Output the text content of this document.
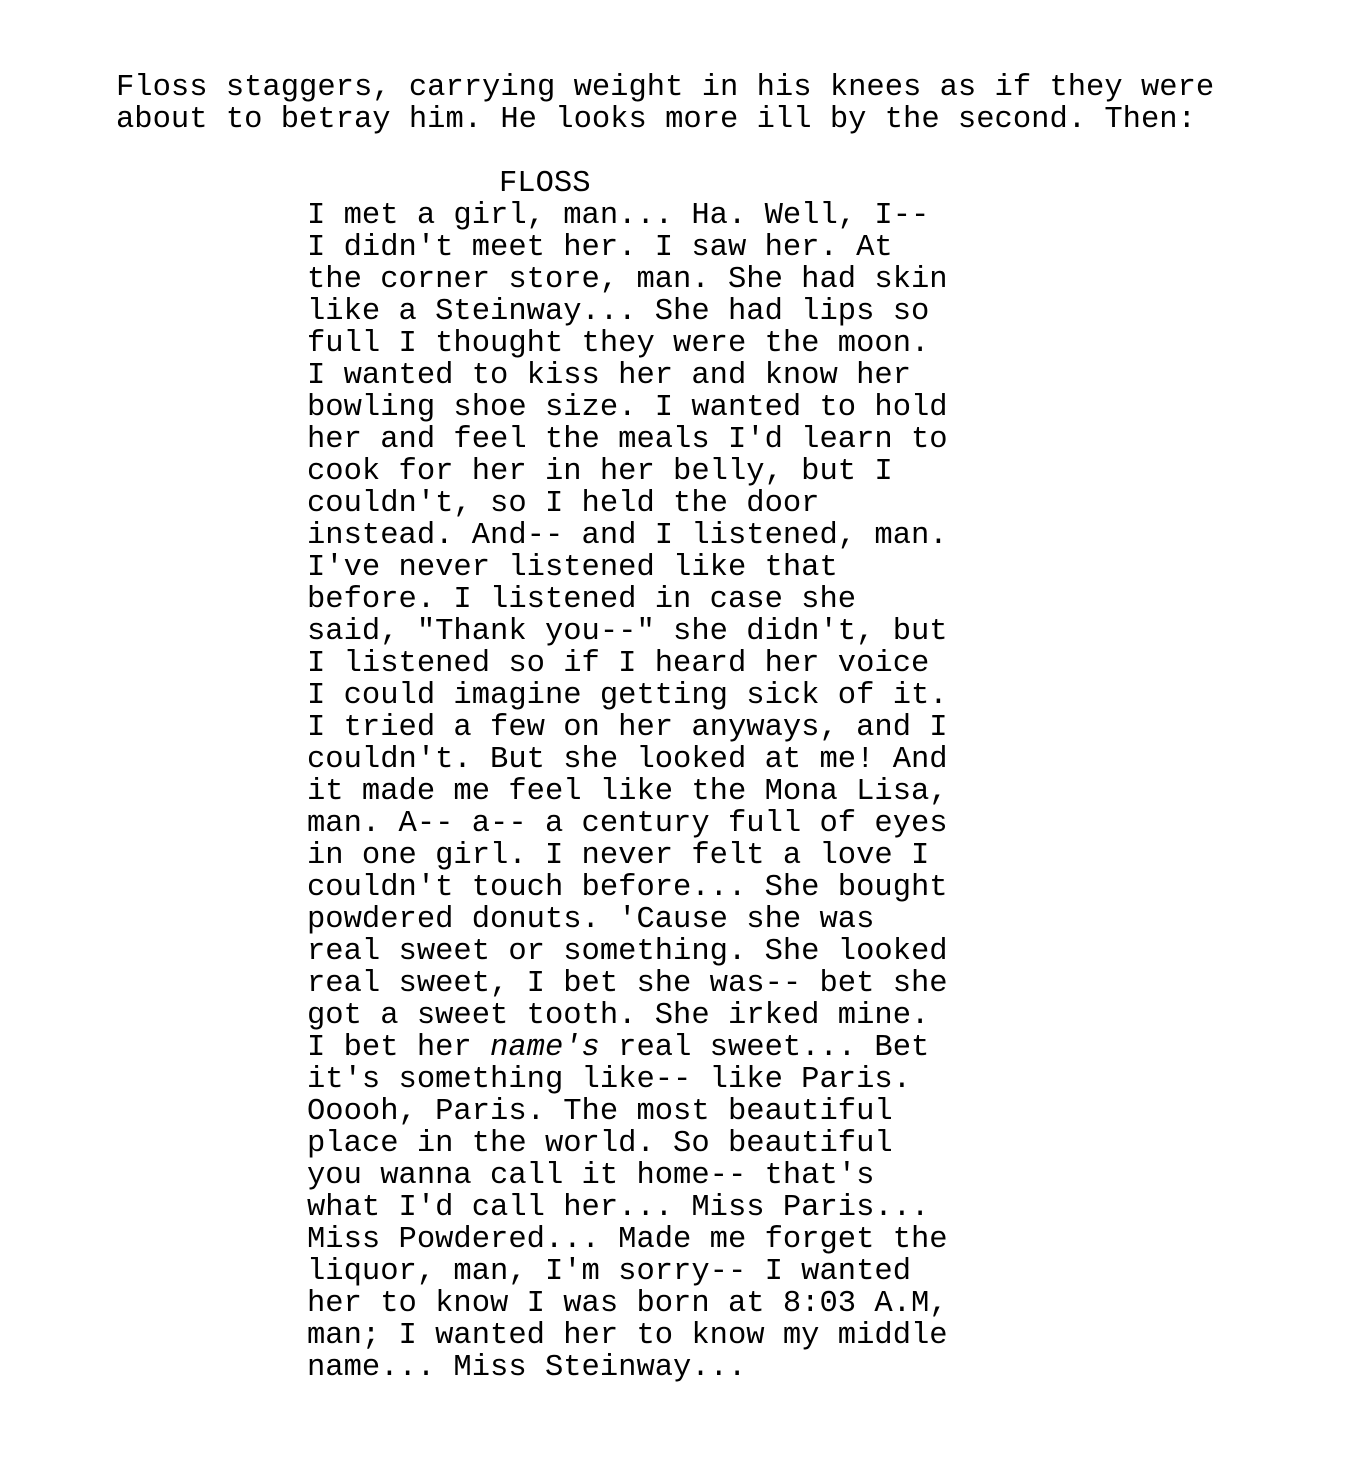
Floss staggers, carrying weight in his knees as if they were
about to betray him. He looks more ill by the second. Then:
FLOSS
I met a girl, man... Ha. Well, I--
I didn't meet her. I saw her. At
the corner store, man. She had skin
like a Steinway... She had lips so
full I thought they were the moon.
I wanted to kiss her and know her
bowling shoe size. I wanted to hold
her and feel the meals I'd learn to
cook for her in her belly, but I
couldn't, so I held the door
instead. And-- and I listened, man.
I've never listened like that
before. I listened in case she
said, "Thank you--" she didn't, but
I listened so if I heard her voice
I could imagine getting sick of it.
I tried a few on her anyways, and I
couldn't. But she looked at me! And
it made me feel like the Mona Lisa,
man. A-- a-- a century full of eyes
in one girl. I never felt a love I
couldn't touch before... She bought
powdered donuts. 'Cause she was
real sweet or something. She looked
real sweet, I bet she was-- bet she
got a sweet tooth. She irked mine.
I bet her name's real sweet... Bet
it's something like-- like Paris.
Ooooh, Paris. The most beautiful
place in the world. So beautiful
you wanna call it home-- that's
what I'd call her... Miss Paris...
Miss Powdered... Made me forget the
liquor, man, I'm sorry-- I wanted
her to know I was born at 8:03 A.M,
man; I wanted her to know my middle
name... Miss Steinway...
